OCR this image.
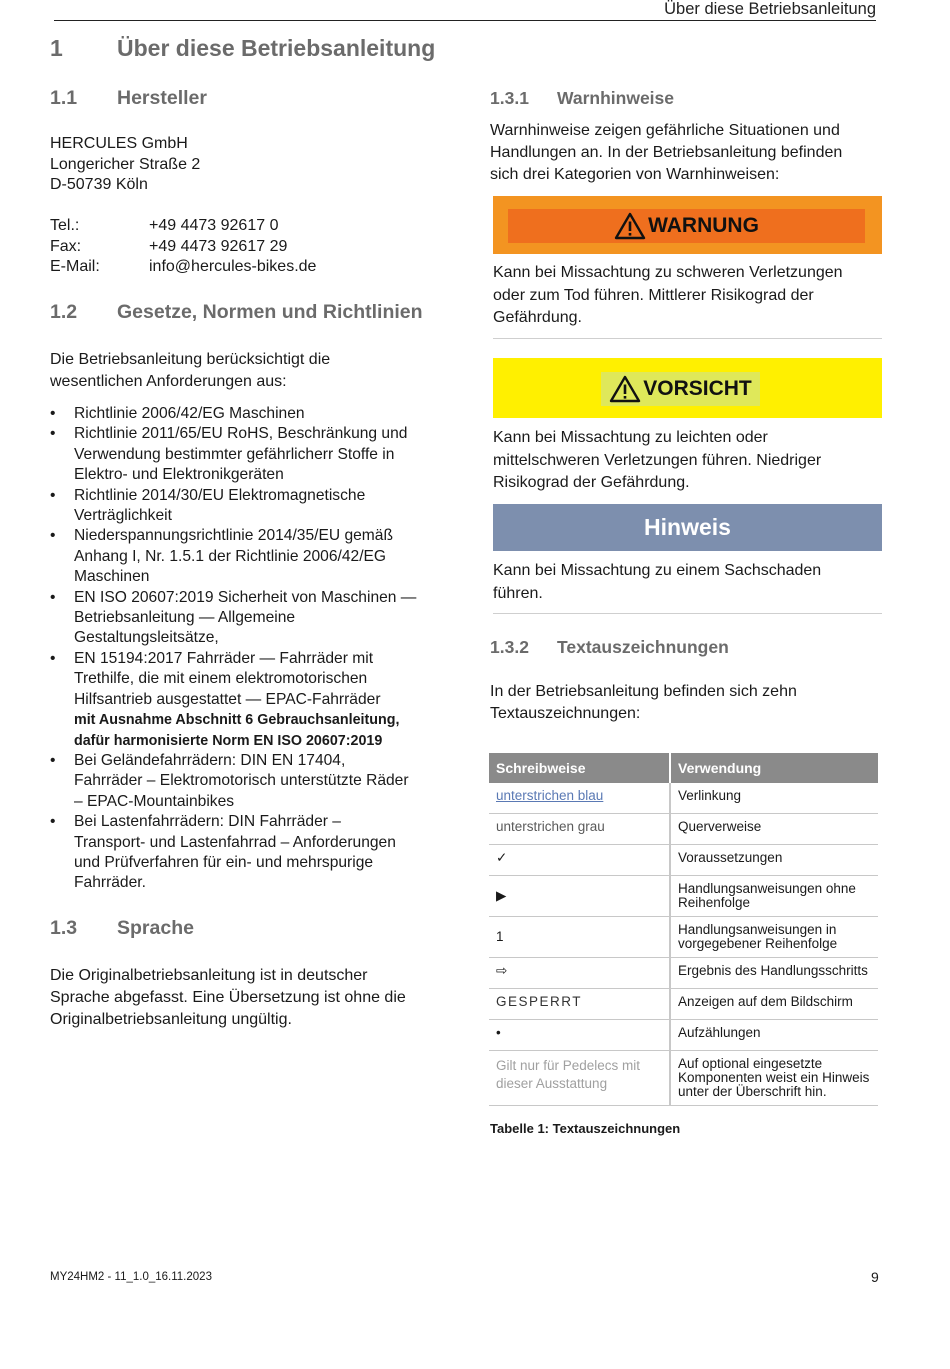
Über diese Betriebsanleitung
1 Über diese Betriebsanleitung
1.1 Hersteller
HERCULES GmbH
Longericher Straße 2
D-50739 Köln
Tel.:	+49 4473 92617 0
Fax:	+49 4473 92617 29
E-Mail:	info@hercules-bikes.de
1.2 Gesetze, Normen und Richtlinien
Die Betriebsanleitung berücksichtigt die
wesentlichen Anforderungen aus:
• Richtlinie 2006/42/EG Maschinen
• Richtlinie 2011/65/EU RoHS, Beschränkung und
Verwendung bestimmter gefährlicherr Stoffe in
Elektro- und Elektronikgeräten
• Richtlinie 2014/30/EU Elektromagnetische
Verträglichkeit
• Niederspannungsrichtlinie 2014/35/EU gemäß
Anhang I, Nr. 1.5.1 der Richtlinie 2006/42/EG
Maschinen
• EN ISO 20607:2019 Sicherheit von Maschinen —
Betriebsanleitung — Allgemeine
Gestaltungsleitsätze,
• EN 15194:2017 Fahrräder — Fahrräder mit
Trethilfe, die mit einem elektromotorischen
Hilfsantrieb ausgestattet — EPAC-Fahrräder
mit Ausnahme Abschnitt 6 Gebrauchsanleitung,
dafür harmonisierte Norm EN ISO 20607:2019
• Bei Geländefahrrädern: DIN EN 17404,
Fahrräder – Elektromotorisch unterstützte Räder
– EPAC-Mountainbikes
• Bei Lastenfahrrädern: DIN Fahrräder –
Transport- und Lastenfahrrad – Anforderungen
und Prüfverfahren für ein- und mehrspurige
Fahrräder.
1.3 Sprache
Die Originalbetriebsanleitung ist in deutscher
Sprache abgefasst. Eine Übersetzung ist ohne die
Originalbetriebsanleitung ungültig.
1.3.1 Warnhinweise
Warnhinweise zeigen gefährliche Situationen und
Handlungen an. In der Betriebsanleitung befinden
sich drei Kategorien von Warnhinweisen:
WARNUNG
Kann bei Missachtung zu schweren Verletzungen
oder zum Tod führen. Mittlerer Risikograd der
Gefährdung.
VORSICHT
Kann bei Missachtung zu leichten oder
mittelschweren Verletzungen führen. Niedriger
Risikograd der Gefährdung.
Hinweis
Kann bei Missachtung zu einem Sachschaden
führen.
1.3.2 Textauszeichnungen
In der Betriebsanleitung befinden sich zehn
Textauszeichnungen:
Schreibweise	Verwendung
unterstrichen blau	Verlinkung
unterstrichen grau	Querverweise
✓	Voraussetzungen
▶	Handlungsanweisungen ohne Reihenfolge
1	Handlungsanweisungen in vorgegebener Reihenfolge
⇨	Ergebnis des Handlungsschritts
GESPERRT	Anzeigen auf dem Bildschirm
•	Aufzählungen
Gilt nur für Pedelecs mit dieser Ausstattung	Auf optional eingesetzte Komponenten weist ein Hinweis unter der Überschrift hin.
Tabelle 1: Textauszeichnungen
MY24HM2 - 11_1.0_16.11.2023	9
